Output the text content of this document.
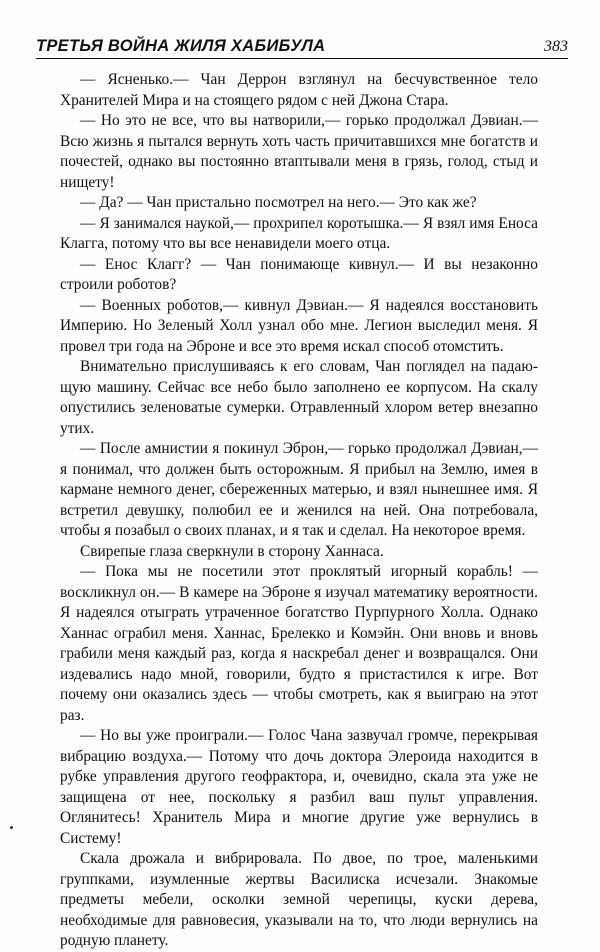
ТРЕТЬЯ ВОЙНА ЖИЛЯ ХАБИБУЛА	383

— Ясненько.— Чан Деррон взглянул на бесчувственное тело Хранителей Мира и на стоящего рядом с ней Джона Стара.

— Но это не все, что вы натворили,— горько продолжал Дэвиан.— Всю жизнь я пытался вернуть хоть часть причитавшихся мне богатств и почестей, однако вы постоянно втаптывали меня в грязь, голод, стыд и нищету!

— Да? — Чан пристально посмотрел на него.— Это как же?

— Я занимался наукой,— прохрипел коротышка.— Я взял имя Еноса Клагга, потому что вы все ненавидели моего отца.

— Енос Клагг? — Чан понимающе кивнул.— И вы незаконно строили роботов?

— Военных роботов,— кивнул Дэвиан.— Я надеялся восстановить Империю. Но Зеленый Холл узнал обо мне. Легион выследил меня. Я провел три года на Эброне и все это время искал способ отомстить.

Внимательно прислушиваясь к его словам, Чан поглядел на падающую машину. Сейчас все небо было заполнено ее корпусом. На скалу опустились зеленоватые сумерки. Отравленный хлором ветер внезапно утих.

— После амнистии я покинул Эброн,— горько продолжал Дэвиан,— я понимал, что должен быть осторожным. Я прибыл на Землю, имея в кармане немного денег, сбереженных матерью, и взял нынешнее имя. Я встретил девушку, полюбил ее и женился на ней. Она потребовала, чтобы я позабыл о своих планах, и я так и сделал. На некоторое время.

Свирепые глаза сверкнули в сторону Ханнаса.

— Пока мы не посетили этот проклятый игорный корабль! — воскликнул он.— В камере на Эброне я изучал математику вероятности. Я надеялся отыграть утраченное богатство Пурпурного Холла. Однако Ханнас ограбил меня. Ханнас, Брелекко и Комэйн. Они вновь и вновь грабили меня каждый раз, когда я наскребал денег и возвращался. Они издевались надо мной, говорили, будто я пристастился к игре. Вот почему они оказались здесь — чтобы смотреть, как я выиграю на этот раз.

— Но вы уже проиграли.— Голос Чана зазвучал громче, перекрывая вибрацию воздуха.— Потому что дочь доктора Элероида находится в рубке управления другого геофрактора, и, очевидно, скала эта уже не защищена от нее, поскольку я разбил ваш пульт управления. Оглянитесь! Хранитель Мира и многие другие уже вернулись в Систему!

Скала дрожала и вибрировала. По двое, по трое, маленькими группками, изумленные жертвы Василиска исчезали. Знакомые предметы мебели, осколки земной черепицы, куски дерева, необходимые для равновесия, указывали на то, что люди вернулись на родную планету.
